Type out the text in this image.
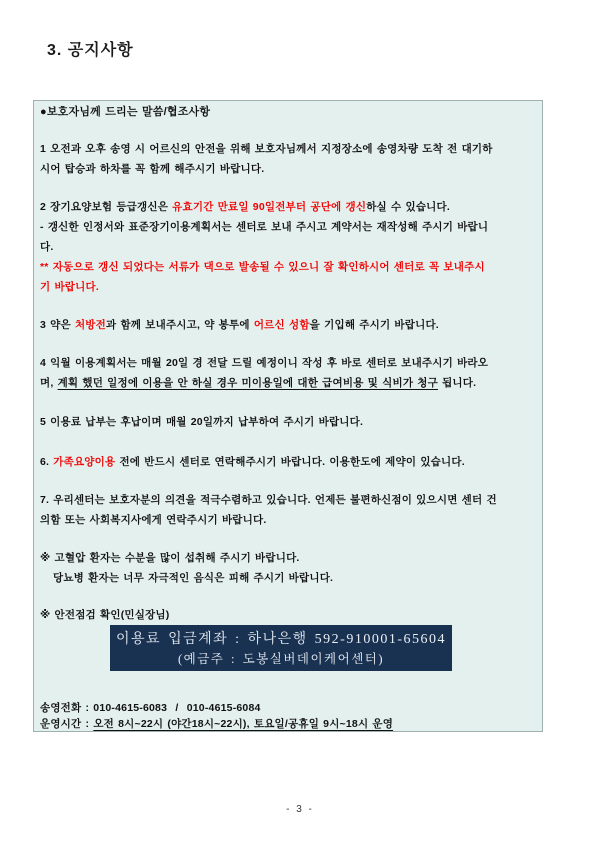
3. 공지사항
●보호자님께 드리는 말씀/협조사항
1 오전과 오후 송영 시 어르신의 안전을 위해 보호자님께서 지정장소에 송영차량 도착 전 대기하
시어 탑승과 하차를 꼭 함께 해주시기 바랍니다.
2 장기요양보험 등급갱신은 유효기간 만료일 90일전부터 공단에 갱신하실 수 있습니다.
- 갱신한 인정서와 표준장기이용계획서는 센터로 보내 주시고 계약서는 재작성해 주시기 바랍니
다.
** 자동으로 갱신 되었다는 서류가 댁으로 발송될 수 있으니 잘 확인하시어 센터로 꼭 보내주시
기 바랍니다.
3 약은 처방전과 함께 보내주시고, 약 봉투에 어르신 성함을 기입해 주시기 바랍니다.
4 익월 이용계획서는 매월 20일 경 전달 드릴 예정이니 작성 후 바로 센터로 보내주시기 바라오
며, 계획 했던 일정에 이용을 안 하실 경우 미이용일에 대한 급여비용 및 식비가 청구 됩니다.
5 이용료 납부는 후납이며 매월 20일까지 납부하여 주시기 바랍니다.
6. 가족요양이용 전에 반드시 센터로 연락해주시기 바랍니다. 이용한도에 제약이 있습니다.
7. 우리센터는 보호자분의 의견을 적극수렴하고 있습니다. 언제든 불편하신점이 있으시면 센터 건
의함 또는 사회복지사에게 연락주시기 바랍니다.
※ 고혈압 환자는 수분을 많이 섭취해 주시기 바랍니다.
당뇨병 환자는 너무 자극적인 음식은 피해 주시기 바랍니다.
※ 안전점검 확인(민실장님)
이용료 입금계좌 : 하나은행 592-910001-65604
(예금주 : 도봉실버데이케어센터)
송영전화 : 010-4615-6083  /  010-4615-6084
운영시간 : 오전 8시~22시 (야간18시~22시), 토요일/공휴일 9시~18시 운영
- 3 -
